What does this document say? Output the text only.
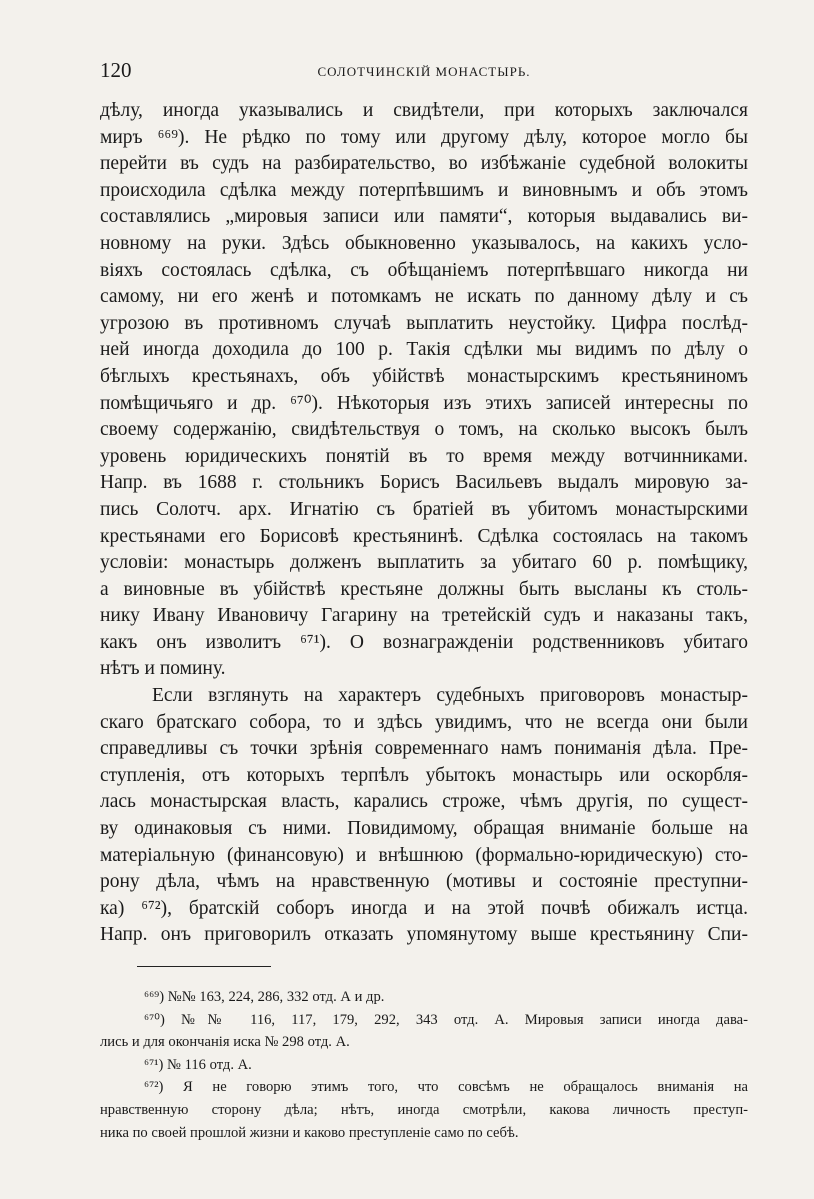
120	СОЛОТЧИНСКІЙ МОНАСТЫРЬ.
дѣлу, иногда указывались и свидѣтели, при которыхъ заключался
миръ ⁶⁶⁹). Не рѣдко по тому или другому дѣлу, которое могло бы
перейти въ судъ на разбирательство, во избѣжаніе судебной волокиты
происходила сдѣлка между потерпѣвшимъ и виновнымъ и объ этомъ
составлялись „мировыя записи или памяти“, которыя выдавались ви-
новному на руки. Здѣсь обыкновенно указывалось, на какихъ усло-
віяхъ состоялась сдѣлка, съ обѣщаніемъ потерпѣвшаго никогда ни
самому, ни его женѣ и потомкамъ не искать по данному дѣлу и съ
угрозою въ противномъ случаѣ выплатить неустойку. Цифра послѣд-
ней иногда доходила до 100 р. Такія сдѣлки мы видимъ по дѣлу о
бѣглыхъ крестьянахъ, объ убійствѣ монастырскимъ крестьяниномъ
помѣщичьяго и др. ⁶⁷⁰). Нѣкоторыя изъ этихъ записей интересны по
своему содержанію, свидѣтельствуя о томъ, на сколько высокъ былъ
уровень юридическихъ понятій въ то время между вотчинниками.
Напр. въ 1688 г. стольникъ Борисъ Васильевъ выдалъ мировую за-
пись Солотч. арх. Игнатію съ братіей въ убитомъ монастырскими
крестьянами его Борисовѣ крестьянинѣ. Сдѣлка состоялась на такомъ
условіи: монастырь долженъ выплатить за убитаго 60 р. помѣщику,
а виновные въ убійствѣ крестьяне должны быть высланы къ столь-
нику Ивану Ивановичу Гагарину на третейскій судъ и наказаны такъ,
какъ онъ изволитъ ⁶⁷¹). О вознагражденіи родственниковъ убитаго
нѣтъ и помину.
Если взглянуть на характеръ судебныхъ приговоровъ монастыр-
скаго братскаго собора, то и здѣсь увидимъ, что не всегда они были
справедливы съ точки зрѣнія современнаго намъ пониманія дѣла. Пре-
ступленія, отъ которыхъ терпѣлъ убытокъ монастырь или оскорбля-
лась монастырская власть, карались строже, чѣмъ другія, по сущест-
ву одинаковыя съ ними. Повидимому, обращая вниманіе больше на
матеріальную (финансовую) и внѣшнюю (формально-юридическую) сто-
рону дѣла, чѣмъ на нравственную (мотивы и состояніе преступни-
ка) ⁶⁷²), братскій соборъ иногда и на этой почвѣ обижалъ истца.
Напр. онъ приговорилъ отказать упомянутому выше крестьянину Спи-
⁶⁶⁹) №№ 163, 224, 286, 332 отд. А и др.
⁶⁷⁰) №№ 116, 117, 179, 292, 343 отд. А. Мировыя записи иногда дава-
лись и для окончанія иска № 298 отд. А.
⁶⁷¹) № 116 отд. А.
⁶⁷²) Я не говорю этимъ того, что совсѣмъ не обращалось вниманія на
нравственную сторону дѣла; нѣтъ, иногда смотрѣли, какова личность преступ-
ника по своей прошлой жизни и каково преступленіе само по себѣ.
